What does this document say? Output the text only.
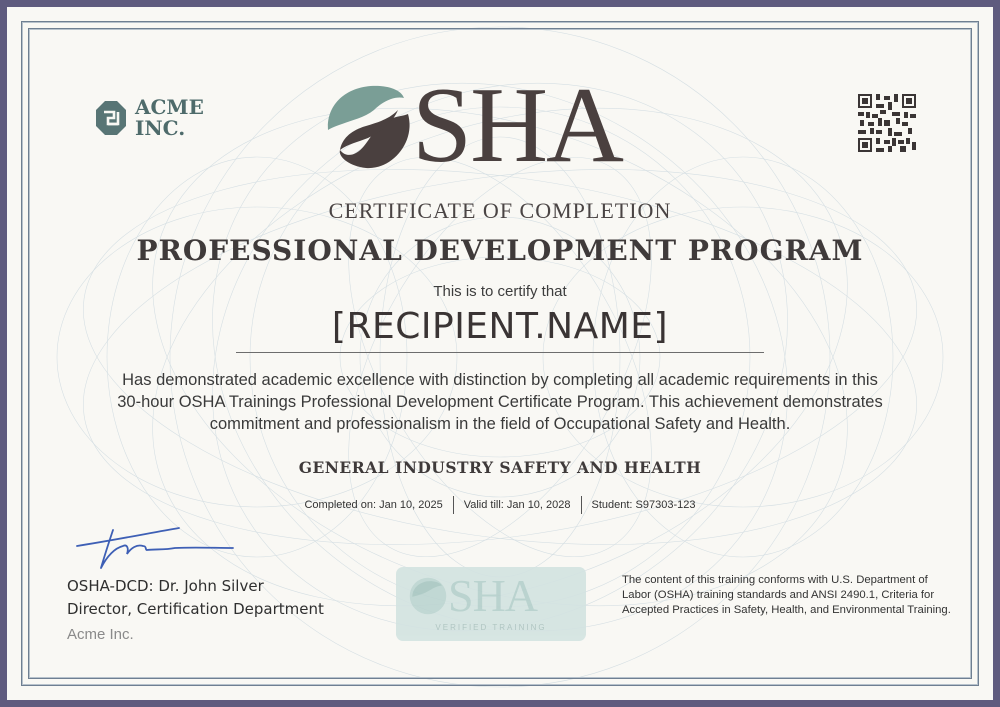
ACME
INC. SHA
CERTIFICATE OF COMPLETION
PROFESSIONAL DEVELOPMENT PROGRAM
This is to certify that
[RECIPIENT.NAME]
Has demonstrated academic excellence with distinction by completing all academic requirements in this 30-hour OSHA Trainings Professional Development Certificate Program. This achievement demonstrates commitment and professionalism in the field of Occupational Safety and Health.
GENERAL INDUSTRY SAFETY AND HEALTH
Completed on: Jan 10, 2025 Valid till: Jan 10, 2028 Student: S97303-123
OSHA-DCD: Dr. John Silver
Director, Certification Department
Acme Inc.
SHA
VERIFIED TRAINING
The content of this training conforms with U.S. Department of Labor (OSHA) training standards and ANSI 2490.1, Criteria for Accepted Practices in Safety, Health, and Environmental Training.
